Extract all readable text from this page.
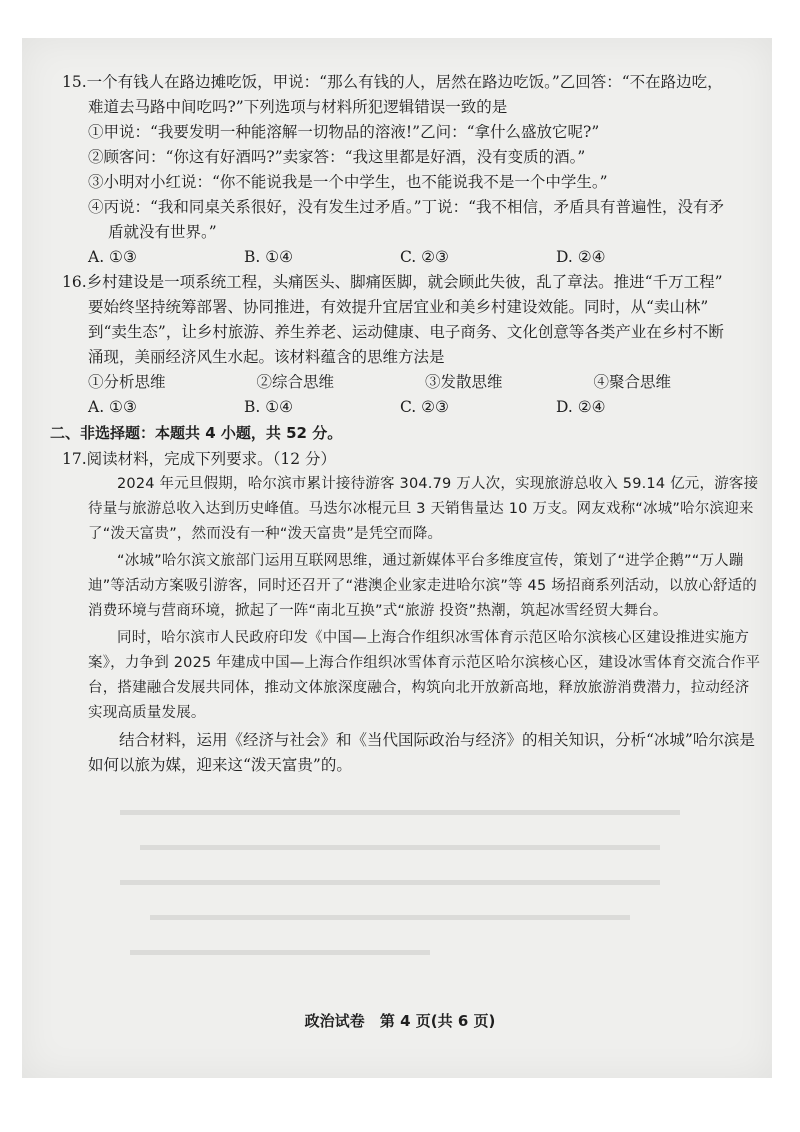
15.一个有钱人在路边摊吃饭，甲说：“那么有钱的人，居然在路边吃饭。”乙回答：“不在路边吃，

难道去马路中间吃吗?”下列选项与材料所犯逻辑错误一致的是

①甲说：“我要发明一种能溶解一切物品的溶液!”乙问：“拿什么盛放它呢?”

②顾客问：“你这有好酒吗?”卖家答：“我这里都是好酒，没有变质的酒。”

③小明对小红说：“你不能说我是一个中学生，也不能说我不是一个中学生。”

④丙说：“我和同桌关系很好，没有发生过矛盾。”丁说：“我不相信，矛盾具有普遍性，没有矛

盾就没有世界。”

A. ①③	B. ①④	C. ②③	D. ②④

16.乡村建设是一项系统工程，头痛医头、脚痛医脚，就会顾此失彼，乱了章法。推进“千万工程”

要始终坚持统筹部署、协同推进，有效提升宜居宜业和美乡村建设效能。同时，从“卖山林”

到“卖生态”，让乡村旅游、养生养老、运动健康、电子商务、文化创意等各类产业在乡村不断

涌现，美丽经济风生水起。该材料蕴含的思维方法是

①分析思维	②综合思维	③发散思维	④聚合思维
A. ①③	B. ①④	C. ②③	D. ②④

二、非选择题：本题共 4 小题，共 52 分。

17.阅读材料，完成下列要求。（12 分）

2024 年元旦假期，哈尔滨市累计接待游客 304.79 万人次，实现旅游总收入 59.14 亿元，游客接待量与旅游总收入达到历史峰值。马迭尔冰棍元旦 3 天销售量达 10 万支。网友戏称“冰城”哈尔滨迎来了“泼天富贵”，然而没有一种“泼天富贵”是凭空而降。

“冰城”哈尔滨文旅部门运用互联网思维，通过新媒体平台多维度宣传，策划了“进学企鹅”“万人蹦迪”等活动方案吸引游客，同时还召开了“港澳企业家走进哈尔滨”等 45 场招商系列活动，以放心舒适的消费环境与营商环境，掀起了一阵“南北互换”式“旅游 投资”热潮，筑起冰雪经贸大舞台。

同时，哈尔滨市人民政府印发《中国—上海合作组织冰雪体育示范区哈尔滨核心区建设推进实施方案》，力争到 2025 年建成中国—上海合作组织冰雪体育示范区哈尔滨核心区，建设冰雪体育交流合作平台，搭建融合发展共同体，推动文体旅深度融合，构筑向北开放新高地，释放旅游消费潜力，拉动经济实现高质量发展。

结合材料，运用《经济与社会》和《当代国际政治与经济》的相关知识，分析“冰城”哈尔滨是如何以旅为媒，迎来这“泼天富贵”的。

政治试卷 第 4 页(共 6 页)
